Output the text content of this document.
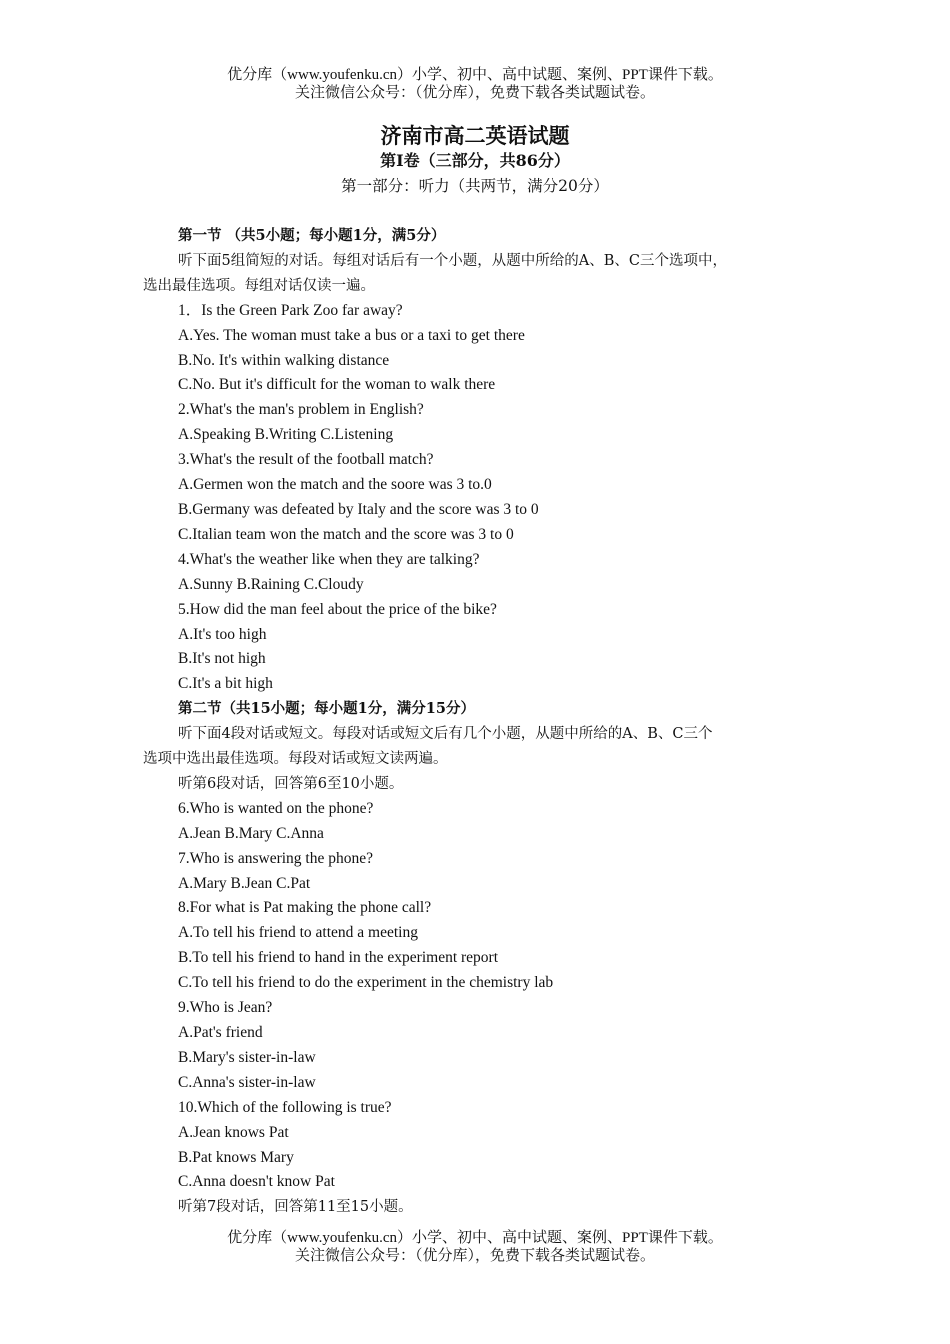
优分库（www.youfenku.cn）小学、初中、高中试题、案例、PPT课件下载。
关注微信公众号：（优分库），免费下载各类试题试卷。
济南市高二英语试题
第Ⅰ卷（三部分，共86分）
第一部分：听力（共两节，满分20分）
第一节 （共5小题；每小题1分，满5分）
听下面5组简短的对话。每组对话后有一个小题，从题中所给的A、B、C三个选项中，
选出最佳选项。每组对话仅读一遍。
1．Is the Green Park Zoo far away?
A.Yes. The woman must take a bus or a taxi to get there
B.No. It's within walking distance
C.No. But it's difficult for the woman to walk there
2.What's the man's problem in English?
A.Speaking B.Writing C.Listening
3.What's the result of the football match?
A.Germen won the match and the soore was 3 to.0
B.Germany was defeated by Italy and the score was 3 to 0
C.Italian team won the match and the score was 3 to 0
4.What's the weather like when they are talking?
A.Sunny B.Raining C.Cloudy
5.How did the man feel about the price of the bike?
A.It's too high
B.It's not high
C.It's a bit high
第二节（共15小题；每小题1分，满分15分）
听下面4段对话或短文。每段对话或短文后有几个小题，从题中所给的A、B、C三个
选项中选出最佳选项。每段对话或短文读两遍。
听第6段对话，回答第6至10小题。
6.Who is wanted on the phone?
A.Jean B.Mary C.Anna
7.Who is answering the phone?
A.Mary B.Jean C.Pat
8.For what is Pat making the phone call?
A.To tell his friend to attend a meeting
B.To tell his friend to hand in the experiment report
C.To tell his friend to do the experiment in the chemistry lab
9.Who is Jean?
A.Pat's friend
B.Mary's sister-in-law
C.Anna's sister-in-law
10.Which of the following is true?
A.Jean knows Pat
B.Pat knows Mary
C.Anna doesn't know Pat
听第7段对话，回答第11至15小题。
优分库（www.youfenku.cn）小学、初中、高中试题、案例、PPT课件下载。
关注微信公众号：（优分库），免费下载各类试题试卷。
